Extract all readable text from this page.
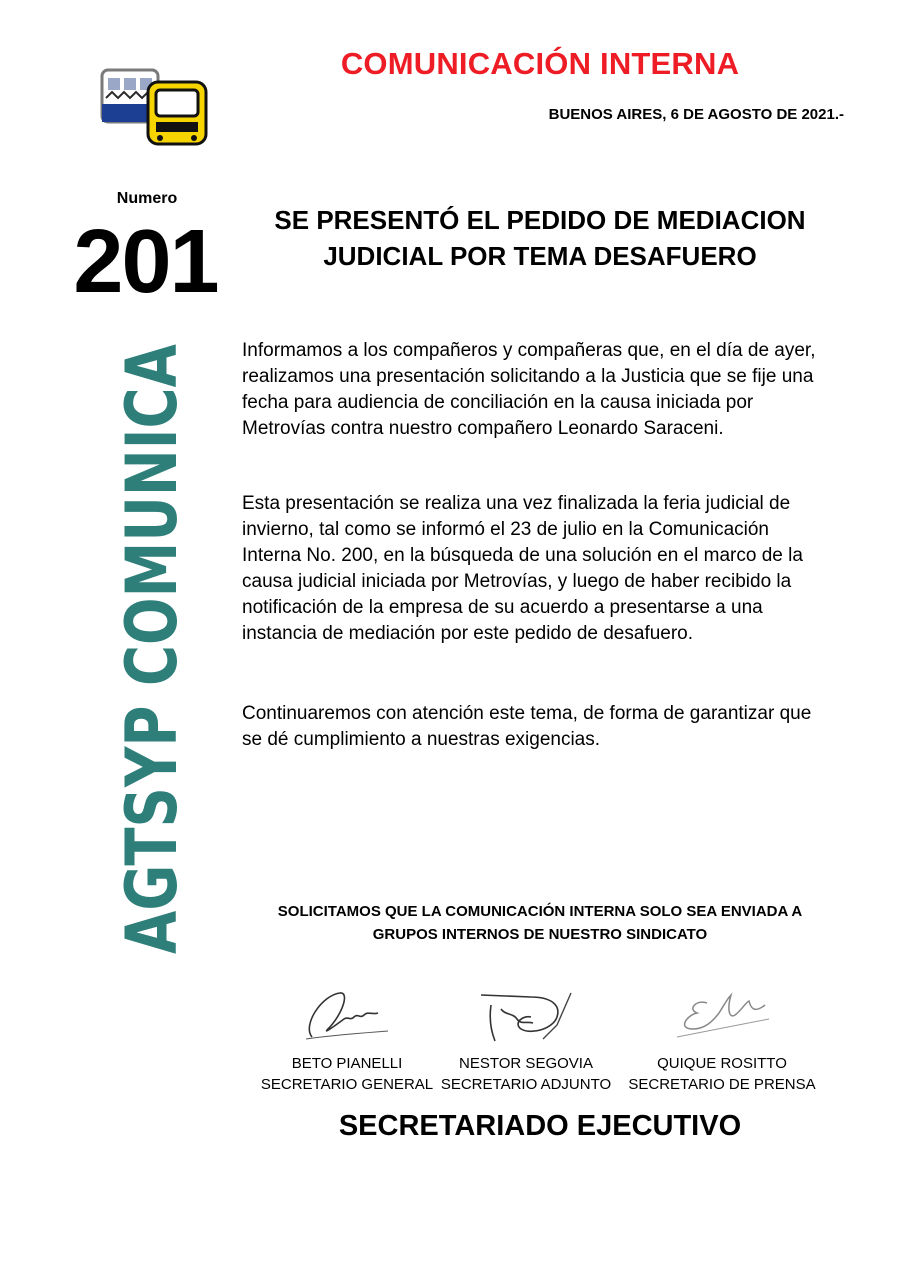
COMUNICACIÓN INTERNA
BUENOS AIRES, 6 DE AGOSTO DE 2021.-
Numero
201
AGTSYP COMU
SE PRESENTÓ EL PEDIDO DE MEDIACION JUDICIAL POR TEMA DESAFUERO
Informamos a los compañeros y compañeras que, en el día de ayer,
realizamos una presentación solicitando a la Justicia que se fije una
fecha para audiencia de conciliación en la causa iniciada por
Metrovías contra nuestro compañero Leonardo Saraceni.
Esta presentación se realiza una vez finalizada la feria judicial de
invierno, tal como se informó el 23 de julio en la Comunicación
Interna No. 200, en la búsqueda de una solución en el marco de la
causa judicial iniciada por Metrovías, y luego de haber recibido la
notificación de la empresa de su acuerdo a presentarse a una
instancia de mediación por este pedido de desafuero.
Continuaremos con atención este tema, de forma de garantizar que
se dé cumplimiento a nuestras exigencias.
SOLICITAMOS QUE LA COMUNICACIÓN INTERNA SOLO SEA ENVIADA A
GRUPOS INTERNOS DE NUESTRO SINDICATO
BETO PIANELLI
SECRETARIO GENERAL
NESTOR SEGOVIA
SECRETARIO ADJUNTO
QUIQUE ROSITTO
SECRETARIO DE PRENSA
SECRETARIADO EJECUTIVO
